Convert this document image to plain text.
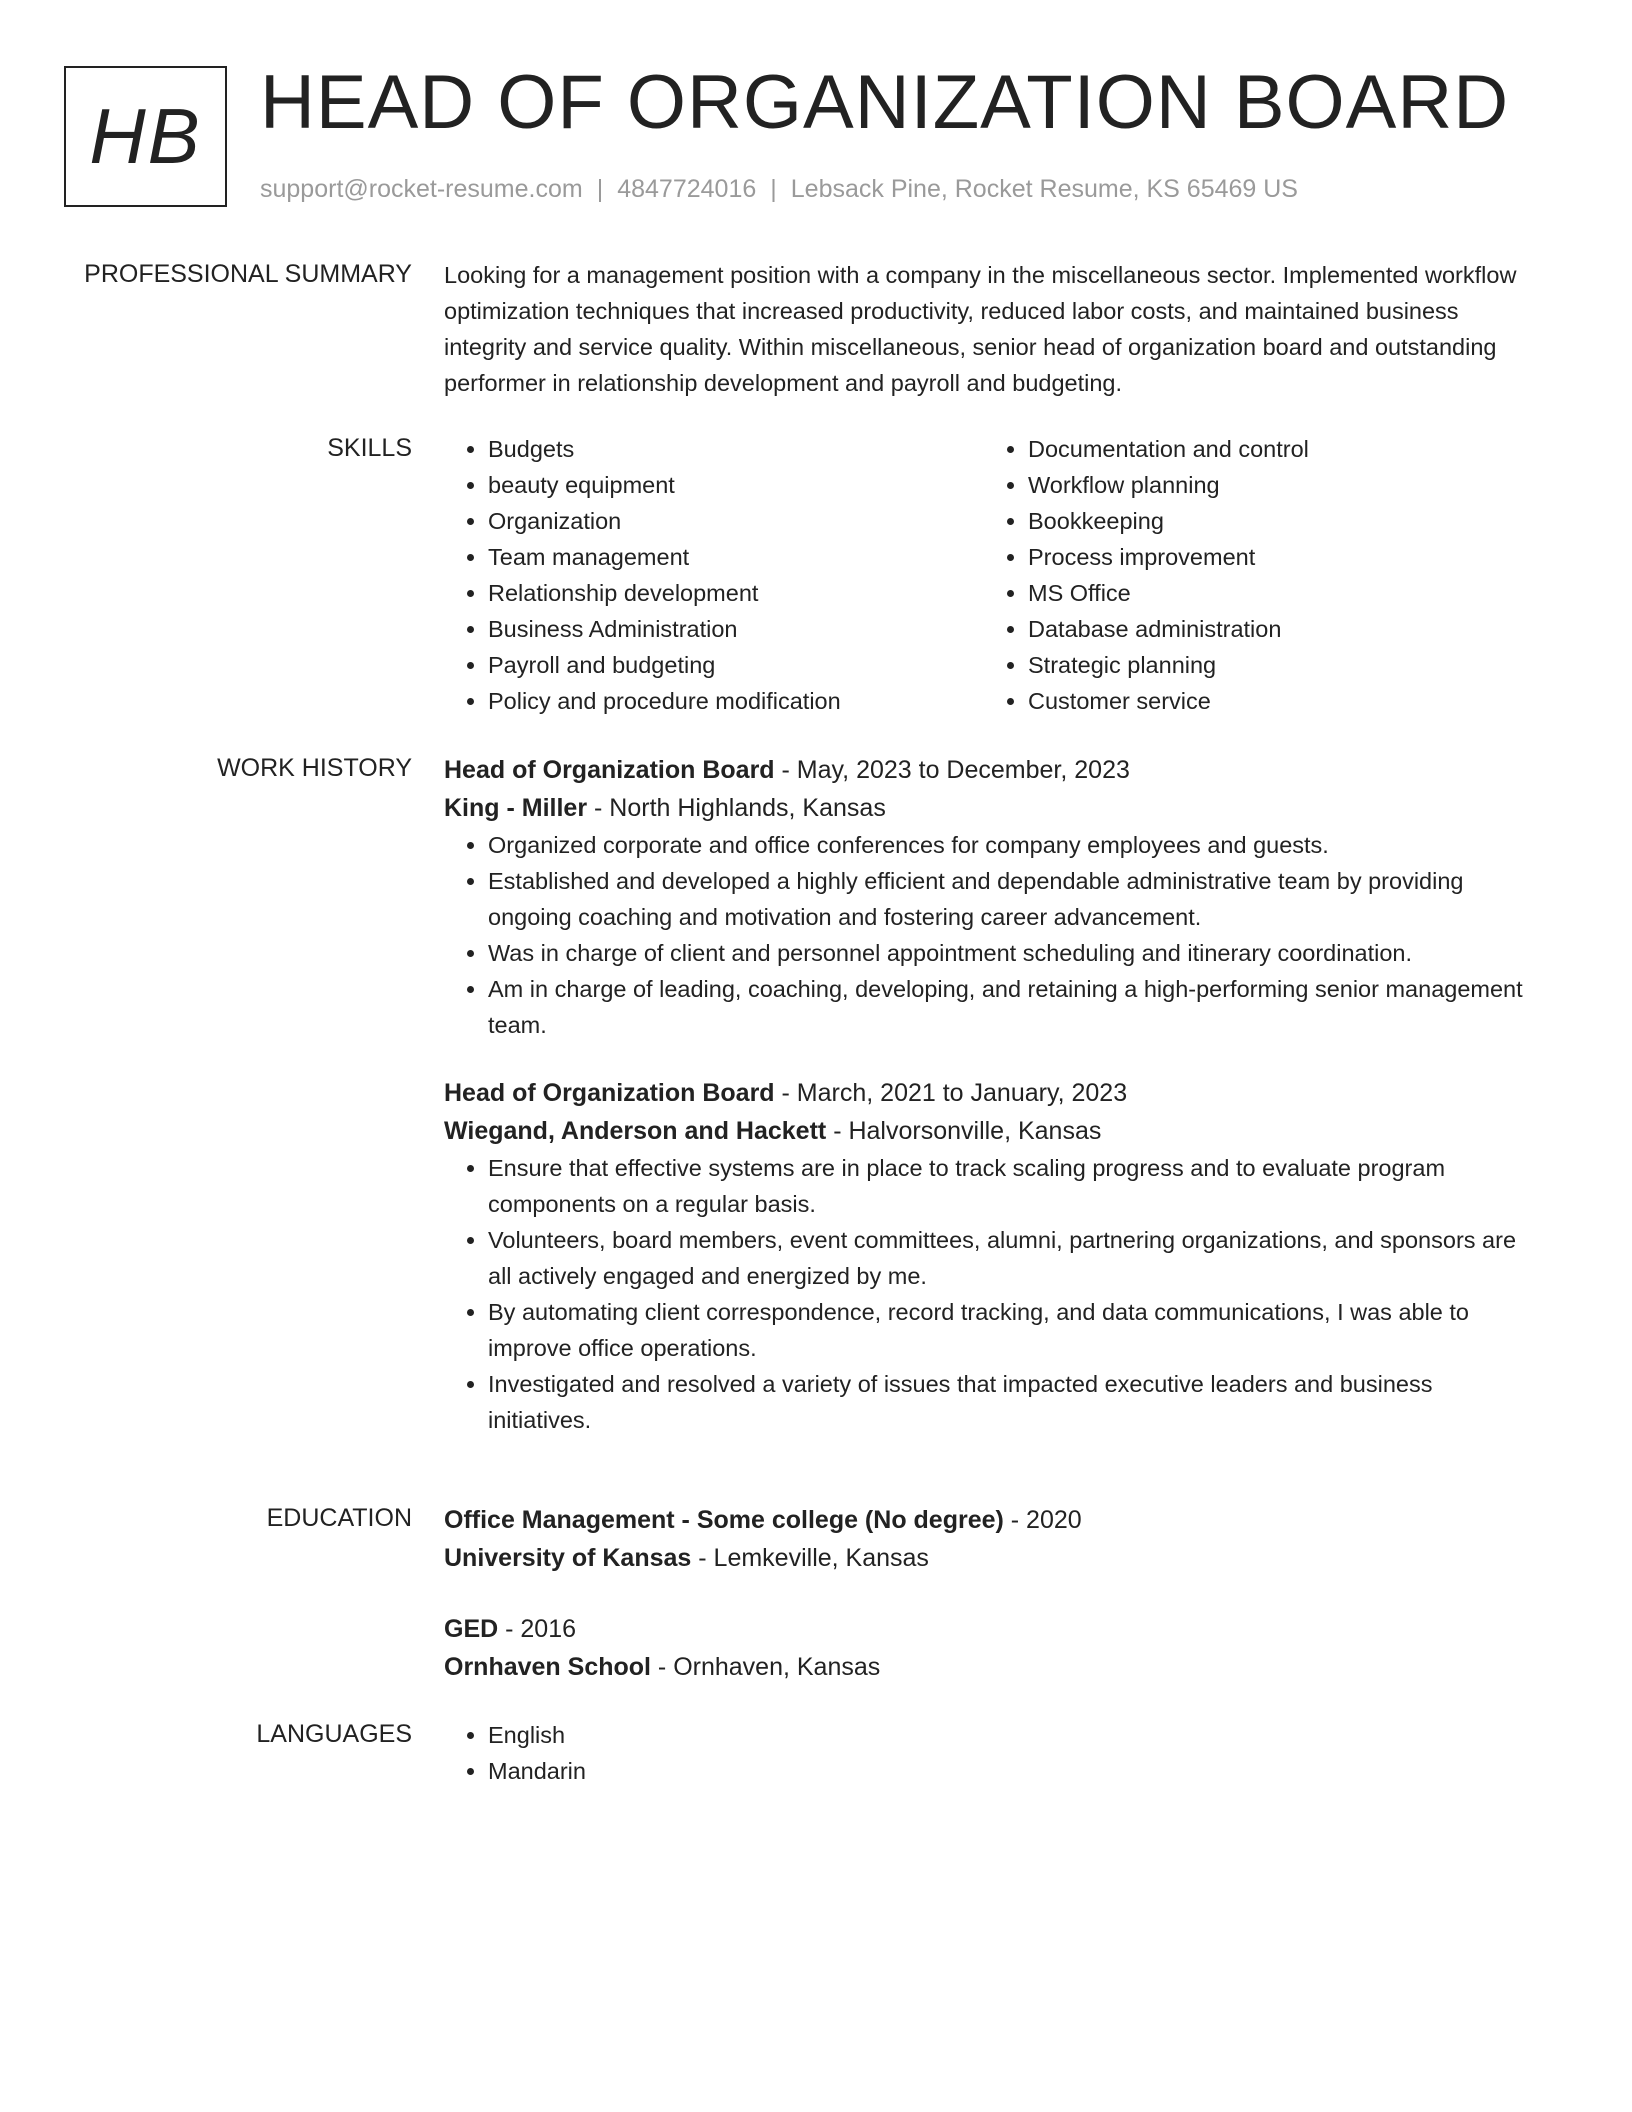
HB HEAD OF ORGANIZATION BOARD
support@rocket-resume.com | 4847724016 | Lebsack Pine, Rocket Resume, KS 65469 US
PROFESSIONAL SUMMARY Looking for a management position with a company in the miscellaneous sector. Implemented workflow optimization techniques that increased productivity, reduced labor costs, and maintained business integrity and service quality. Within miscellaneous, senior head of organization board and outstanding performer in relationship development and payroll and budgeting.
SKILLS	• Budgets
• beauty equipment
• Organization
• Team management
• Relationship development
• Business Administration
• Payroll and budgeting
• Policy and procedure modification
• Documentation and control
• Workflow planning
• Bookkeeping
• Process improvement
• MS Office
• Database administration
• Strategic planning
• Customer service
WORK HISTORY Head of Organization Board - May, 2023 to December, 2023
King - Miller - North Highlands, Kansas
• Organized corporate and office conferences for company employees and guests.
• Established and developed a highly efficient and dependable administrative team by providing ongoing coaching and motivation and fostering career advancement.
• Was in charge of client and personnel appointment scheduling and itinerary coordination.
• Am in charge of leading, coaching, developing, and retaining a high-performing senior management team.
Head of Organization Board - March, 2021 to January, 2023
Wiegand, Anderson and Hackett - Halvorsonville, Kansas
• Ensure that effective systems are in place to track scaling progress and to evaluate program components on a regular basis.
• Volunteers, board members, event committees, alumni, partnering organizations, and sponsors are all actively engaged and energized by me.
• By automating client correspondence, record tracking, and data communications, I was able to improve office operations.
• Investigated and resolved a variety of issues that impacted executive leaders and business initiatives.
EDUCATION Office Management - Some college (No degree) - 2020
University of Kansas - Lemkeville, Kansas
GED - 2016
Ornhaven School - Ornhaven, Kansas
LANGUAGES	• English
• Mandarin
